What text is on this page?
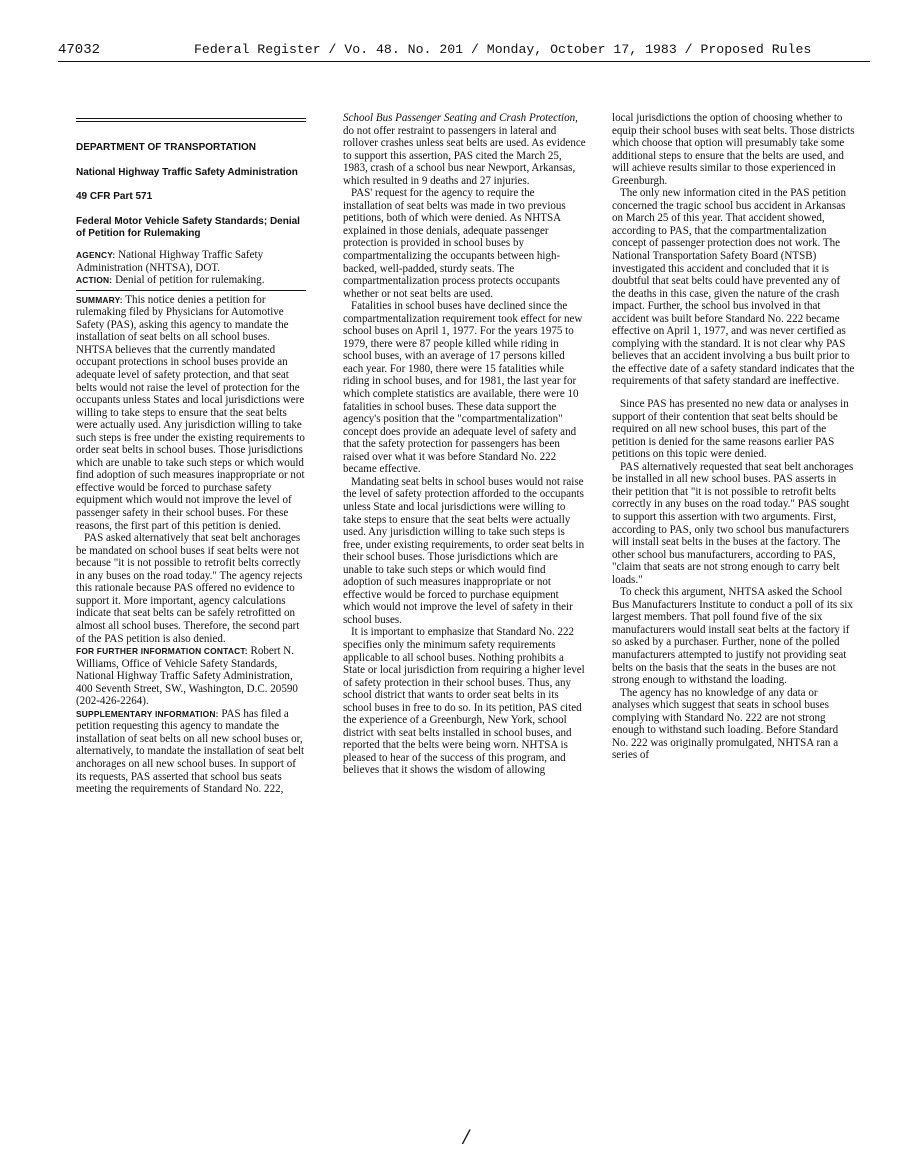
47032	Federal Register / Vo. 48. No. 201 / Monday, October 17, 1983 / Proposed Rules
DEPARTMENT OF TRANSPORTATION
National Highway Traffic Safety Administration
49 CFR Part 571
Federal Motor Vehicle Safety Standards; Denial of Petition for Rulemaking

AGENCY: National Highway Traffic Safety Administration (NHTSA), DOT.

ACTION: Denial of petition for rulemaking.

SUMMARY: This notice denies a petition for rulemaking filed by Physicians for Automotive Safety (PAS), asking this agency to mandate the installation of seat belts on all school buses. NHTSA believes that the currently mandated occupant protections in school buses provide an adequate level of safety protection, and that seat belts would not raise the level of protection for the occupants unless States and local jurisdictions were willing to take steps to ensure that the seat belts were actually used. Any jurisdiction willing to take such steps is free under the existing requirements to order seat belts in school buses. Those jurisdictions which are unable to take such steps or which would find adoption of such measures inappropriate or not effective would be forced to purchase safety equipment which would not improve the level of passenger safety in their school buses. For these reasons, the first part of this petition is denied.

PAS asked alternatively that seat belt anchorages be mandated on school buses if seat belts were not because "it is not possible to retrofit belts correctly in any buses on the road today." The agency rejects this rationale because PAS offered no evidence to support it. More important, agency calculations indicate that seat belts can be safely retrofitted on almost all school buses. Therefore, the second part of the PAS petition is also denied.

FOR FURTHER INFORMATION CONTACT: Robert N. Williams, Office of Vehicle Safety Standards, National Highway Traffic Safety Administration, 400 Seventh Street, SW., Washington, D.C. 20590 (202-426-2264).

SUPPLEMENTARY INFORMATION: PAS has filed a petition requesting this agency to mandate the installation of seat belts on all new school buses or, alternatively, to mandate the installation of seat belt anchorages on all new school buses. In support of its requests, PAS asserted that school bus seats meeting the requirements of Standard No. 222,

School Bus Passenger Seating and Crash Protection, do not offer restraint to passengers in lateral and rollover crashes unless seat belts are used. As evidence to support this assertion, PAS cited the March 25, 1983, crash of a school bus near Newport, Arkansas, which resulted in 9 deaths and 27 injuries.

PAS' request for the agency to require the installation of seat belts was made in two previous petitions, both of which were denied. As NHTSA explained in those denials, adequate passenger protection is provided in school buses by compartmentalizing the occupants between high-backed, well-padded, sturdy seats. The compartmentalization process protects occupants whether or not seat belts are used.

Fatalities in school buses have declined since the compartmentalization requirement took effect for new school buses on April 1, 1977. For the years 1975 to 1979, there were 87 people killed while riding in school buses, with an average of 17 persons killed each year. For 1980, there were 15 fatalities while riding in school buses, and for 1981, the last year for which complete statistics are available, there were 10 fatalities in school buses. These data support the agency's position that the "compartmentalization" concept does provide an adequate level of safety and that the safety protection for passengers has been raised over what it was before Standard No. 222 became effective.

Mandating seat belts in school buses would not raise the level of safety protection afforded to the occupants unless State and local jurisdictions were willing to take steps to ensure that the seat belts were actually used. Any jurisdiction willing to take such steps is free, under existing requirements, to order seat belts in their school buses. Those jurisdictions which are unable to take such steps or which would find adoption of such measures inappropriate or not effective would be forced to purchase equipment which would not improve the level of safety in their school buses.

It is important to emphasize that Standard No. 222 specifies only the minimum safety requirements applicable to all school buses. Nothing prohibits a State or local jurisdiction from requiring a higher level of safety protection in their school buses. Thus, any school district that wants to order seat belts in its school buses in free to do so. In its petition, PAS cited the experience of a Greenburgh, New York, school district with seat belts installed in school buses, and reported that the belts were being worn. NHTSA is pleased to hear of the success of this program, and believes that it shows the wisdom of allowing

local jurisdictions the option of choosing whether to equip their school buses with seat belts. Those districts which choose that option will presumably take some additional steps to ensure that the belts are used, and will achieve results similar to those experienced in Greenburgh.

The only new information cited in the PAS petition concerned the tragic school bus accident in Arkansas on March 25 of this year. That accident showed, according to PAS, that the compartmentalization concept of passenger protection does not work. The National Transportation Safety Board (NTSB) investigated this accident and concluded that it is doubtful that seat belts could have prevented any of the deaths in this case, given the nature of the crash impact. Further, the school bus involved in that accident was built before Standard No. 222 became effective on April 1, 1977, and was never certified as complying with the standard. It is not clear why PAS believes that an accident involving a bus built prior to the effective date of a safety standard indicates that the requirements of that safety standard are ineffective.

Since PAS has presented no new data or analyses in support of their contention that seat belts should be required on all new school buses, this part of the petition is denied for the same reasons earlier PAS petitions on this topic were denied.

PAS alternatively requested that seat belt anchorages be installed in all new school buses. PAS asserts in their petition that "it is not possible to retrofit belts correctly in any buses on the road today." PAS sought to support this assertion with two arguments. First, according to PAS, only two school bus manufacturers will install seat belts in the buses at the factory. The other school bus manufacturers, according to PAS, "claim that seats are not strong enough to carry belt loads."

To check this argument, NHTSA asked the School Bus Manufacturers Institute to conduct a poll of its six largest members. That poll found five of the six manufacturers would install seat belts at the factory if so asked by a purchaser. Further, none of the polled manufacturers attempted to justify not providing seat belts on the basis that the seats in the buses are not strong enough to withstand the loading.

The agency has no knowledge of any data or analyses which suggest that seats in school buses complying with Standard No. 222 are not strong enough to withstand such loading. Before Standard No. 222 was originally promulgated, NHTSA ran a series of

/
